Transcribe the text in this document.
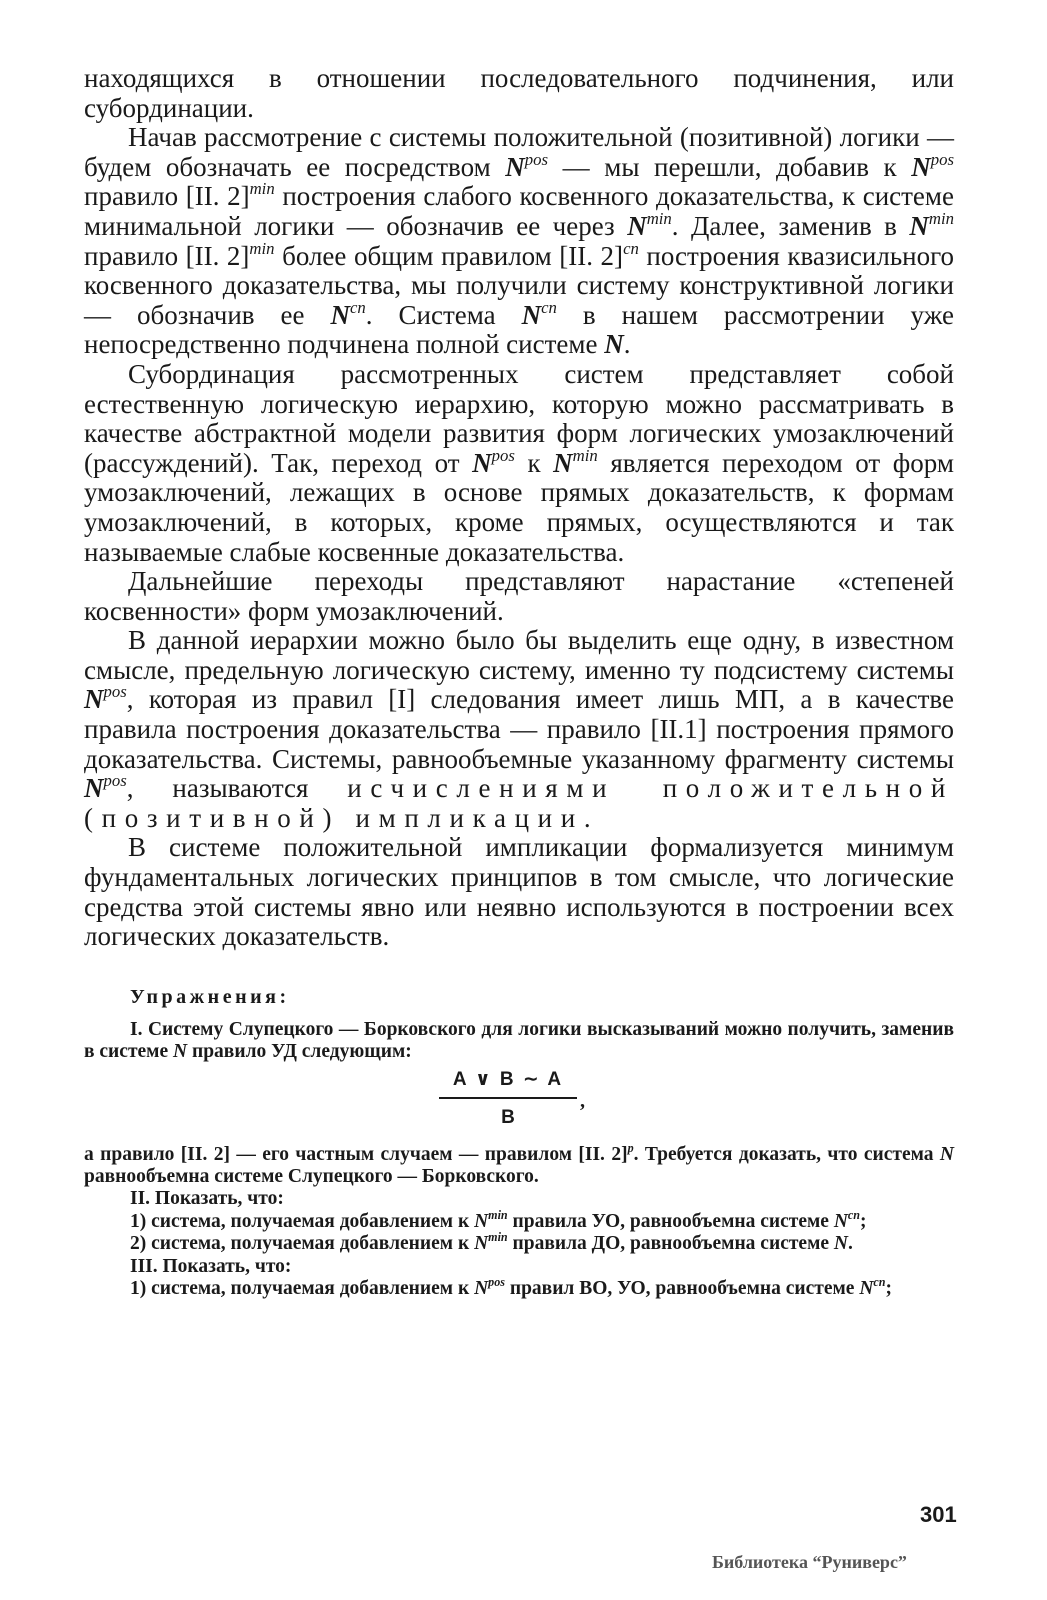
находящихся в отношении последовательного подчинения, или субординации.

Начав рассмотрение с системы положительной (позитивной) логики — будем обозначать ее посредством $N^{pos}$ — мы перешли, добавив к $N^{pos}$ правило [II. 2]$^{min}$ построения слабого косвенного доказательства, к системе минимальной логики — обозначив ее через $N^{min}$. Далее, заменив в $N^{min}$ правило [II. 2]$^{min}$ более общим правилом [II. 2]$^{cn}$ построения квазисильного косвенного доказательства, мы получили систему конструктивной логики — обозначив ее $N^{cn}$. Система $N^{cn}$ в нашем рассмотрении уже непосредственно подчинена полной системе N.

Субординация рассмотренных систем представляет собой естественную логическую иерархию, которую можно рассматривать в качестве абстрактной модели развития форм логических умозаключений (рассуждений). Так, переход от $N^{pos}$ к $N^{min}$ является переходом от форм умозаключений, лежащих в основе прямых доказательств, к формам умозаключений, в которых, кроме прямых, осуществляются и так называемые слабые косвенные доказательства.

Дальнейшие переходы представляют нарастание «степеней косвенности» форм умозаключений.

В данной иерархии можно было бы выделить еще одну, в известном смысле, предельную логическую систему, именно ту подсистему системы $N^{pos}$, которая из правил [I] следования имеет лишь МП, а в качестве правила построения доказательства — правило [II.1] построения прямого доказательства. Системы, равнообъемные указанному фрагменту системы $N^{pos}$, называются исчислениями положительной (позитивной) импликации.

В системе положительной импликации формализуется минимум фундаментальных логических принципов в том смысле, что логические средства этой системы явно или неявно используются в построении всех логических доказательств.

Упражнения:

I. Систему Слупецкого — Борковского для логики высказываний можно получить, заменив в системе N правило УД следующим:

$\frac{A \vee B \sim A}{B}$ ,

а правило [II. 2] — его частным случаем — правилом [II. 2]$^p$. Требуется доказать, что система N равнообъемна системе Слупецкого — Борковского.

II. Показать, что:

1) система, получаемая добавлением к $N^{min}$ правила УО, равнообъемна системе $N^{cn}$;

2) система, получаемая добавлением к $N^{min}$ правила ДО, равнообъемна системе N.

III. Показать, что:

1) система, получаемая добавлением к $N^{pos}$ правил ВО, УО, равнообъемна системе $N^{cn}$;

301
Библиотека “Руниверс”
